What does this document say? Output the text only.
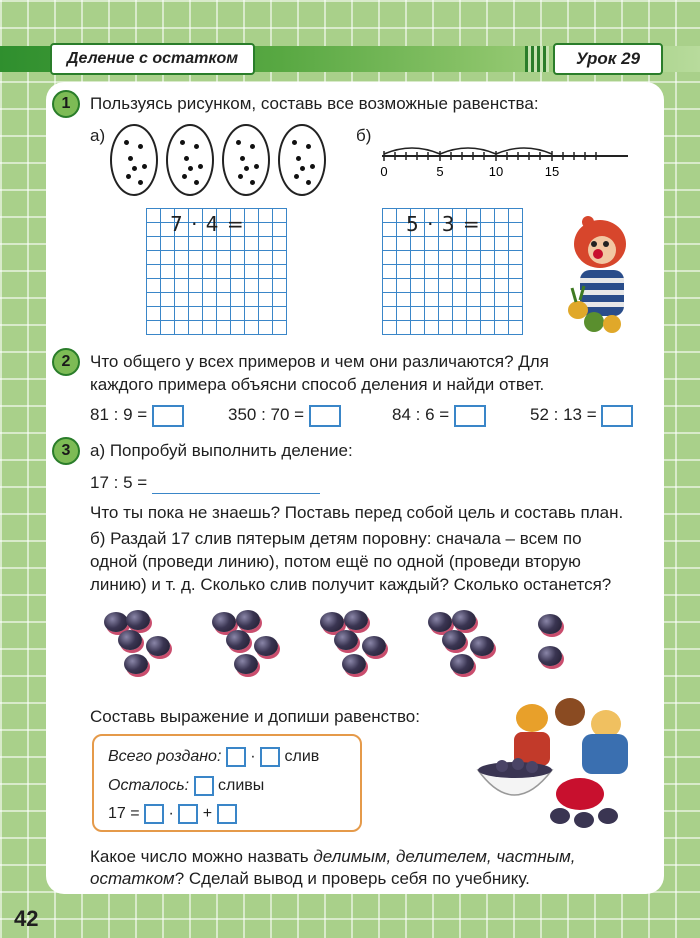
Деление с остатком	Урок 29
1	Пользуясь рисунком, составь все возможные равенства:
а)	б)
0	5	10	15
7 · 4 =	5 · 3 =
2	Что общего у всех примеров и чем они различаются? Для
каждого примера объясни способ деления и найди ответ.
81 : 9 =	350 : 70 =	84 : 6 =	52 : 13 =
3	а) Попробуй выполнить деление:
17 : 5 =
Что ты пока не знаешь? Поставь перед собой цель и составь план.
б) Раздай 17 слив пятерым детям поровну: сначала – всем по
одной (проведи линию), потом ещё по одной (проведи вторую
линию) и т. д. Сколько слив получит каждый? Сколько останется?
Составь выражение и допиши равенство:
Всего роздано: · слив
Осталось: сливы
17 = · +
Какое число можно назвать делимым, делителем, частным,
остатком? Сделай вывод и проверь себя по учебнику.
42
